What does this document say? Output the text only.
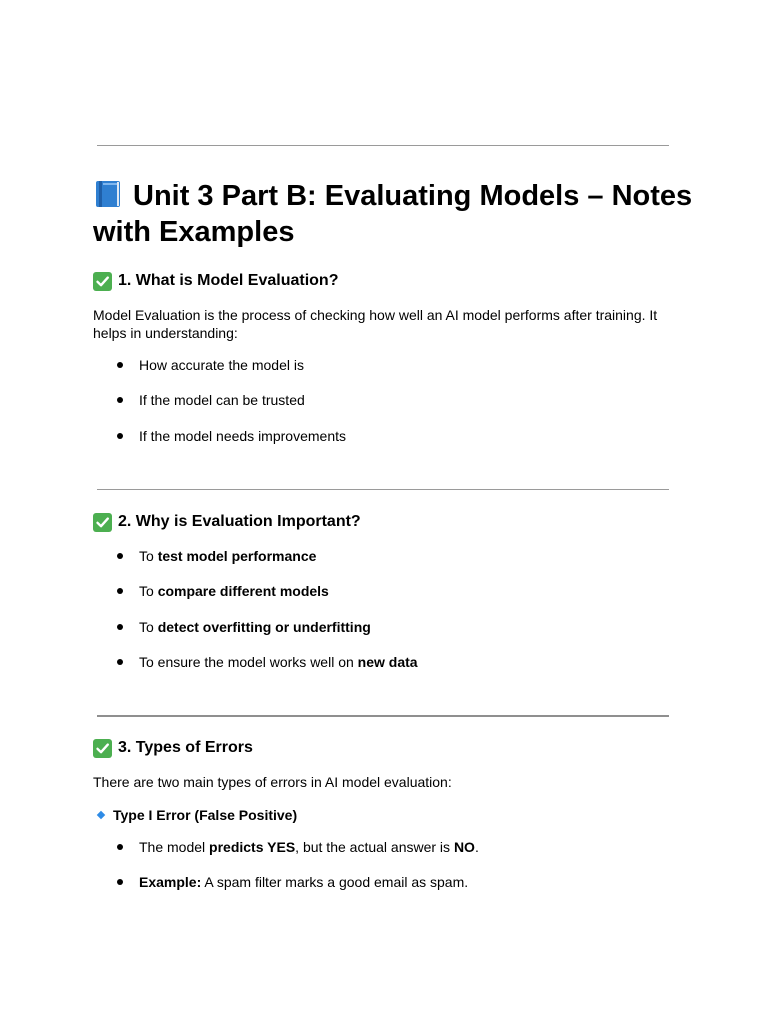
Unit 3 Part B: Evaluating Models – Notes with Examples
1. What is Model Evaluation?

Model Evaluation is the process of checking how well an AI model performs after training. It helps in understanding:

How accurate the model is
If the model can be trusted
If the model needs improvements
2. Why is Evaluation Important?
To test model performance
To compare different models
To detect overfitting or underfitting
To ensure the model works well on new data
3. Types of Errors

There are two main types of errors in AI model evaluation:

Type I Error (False Positive)
The model predicts YES, but the actual answer is NO.
Example: A spam filter marks a good email as spam.
